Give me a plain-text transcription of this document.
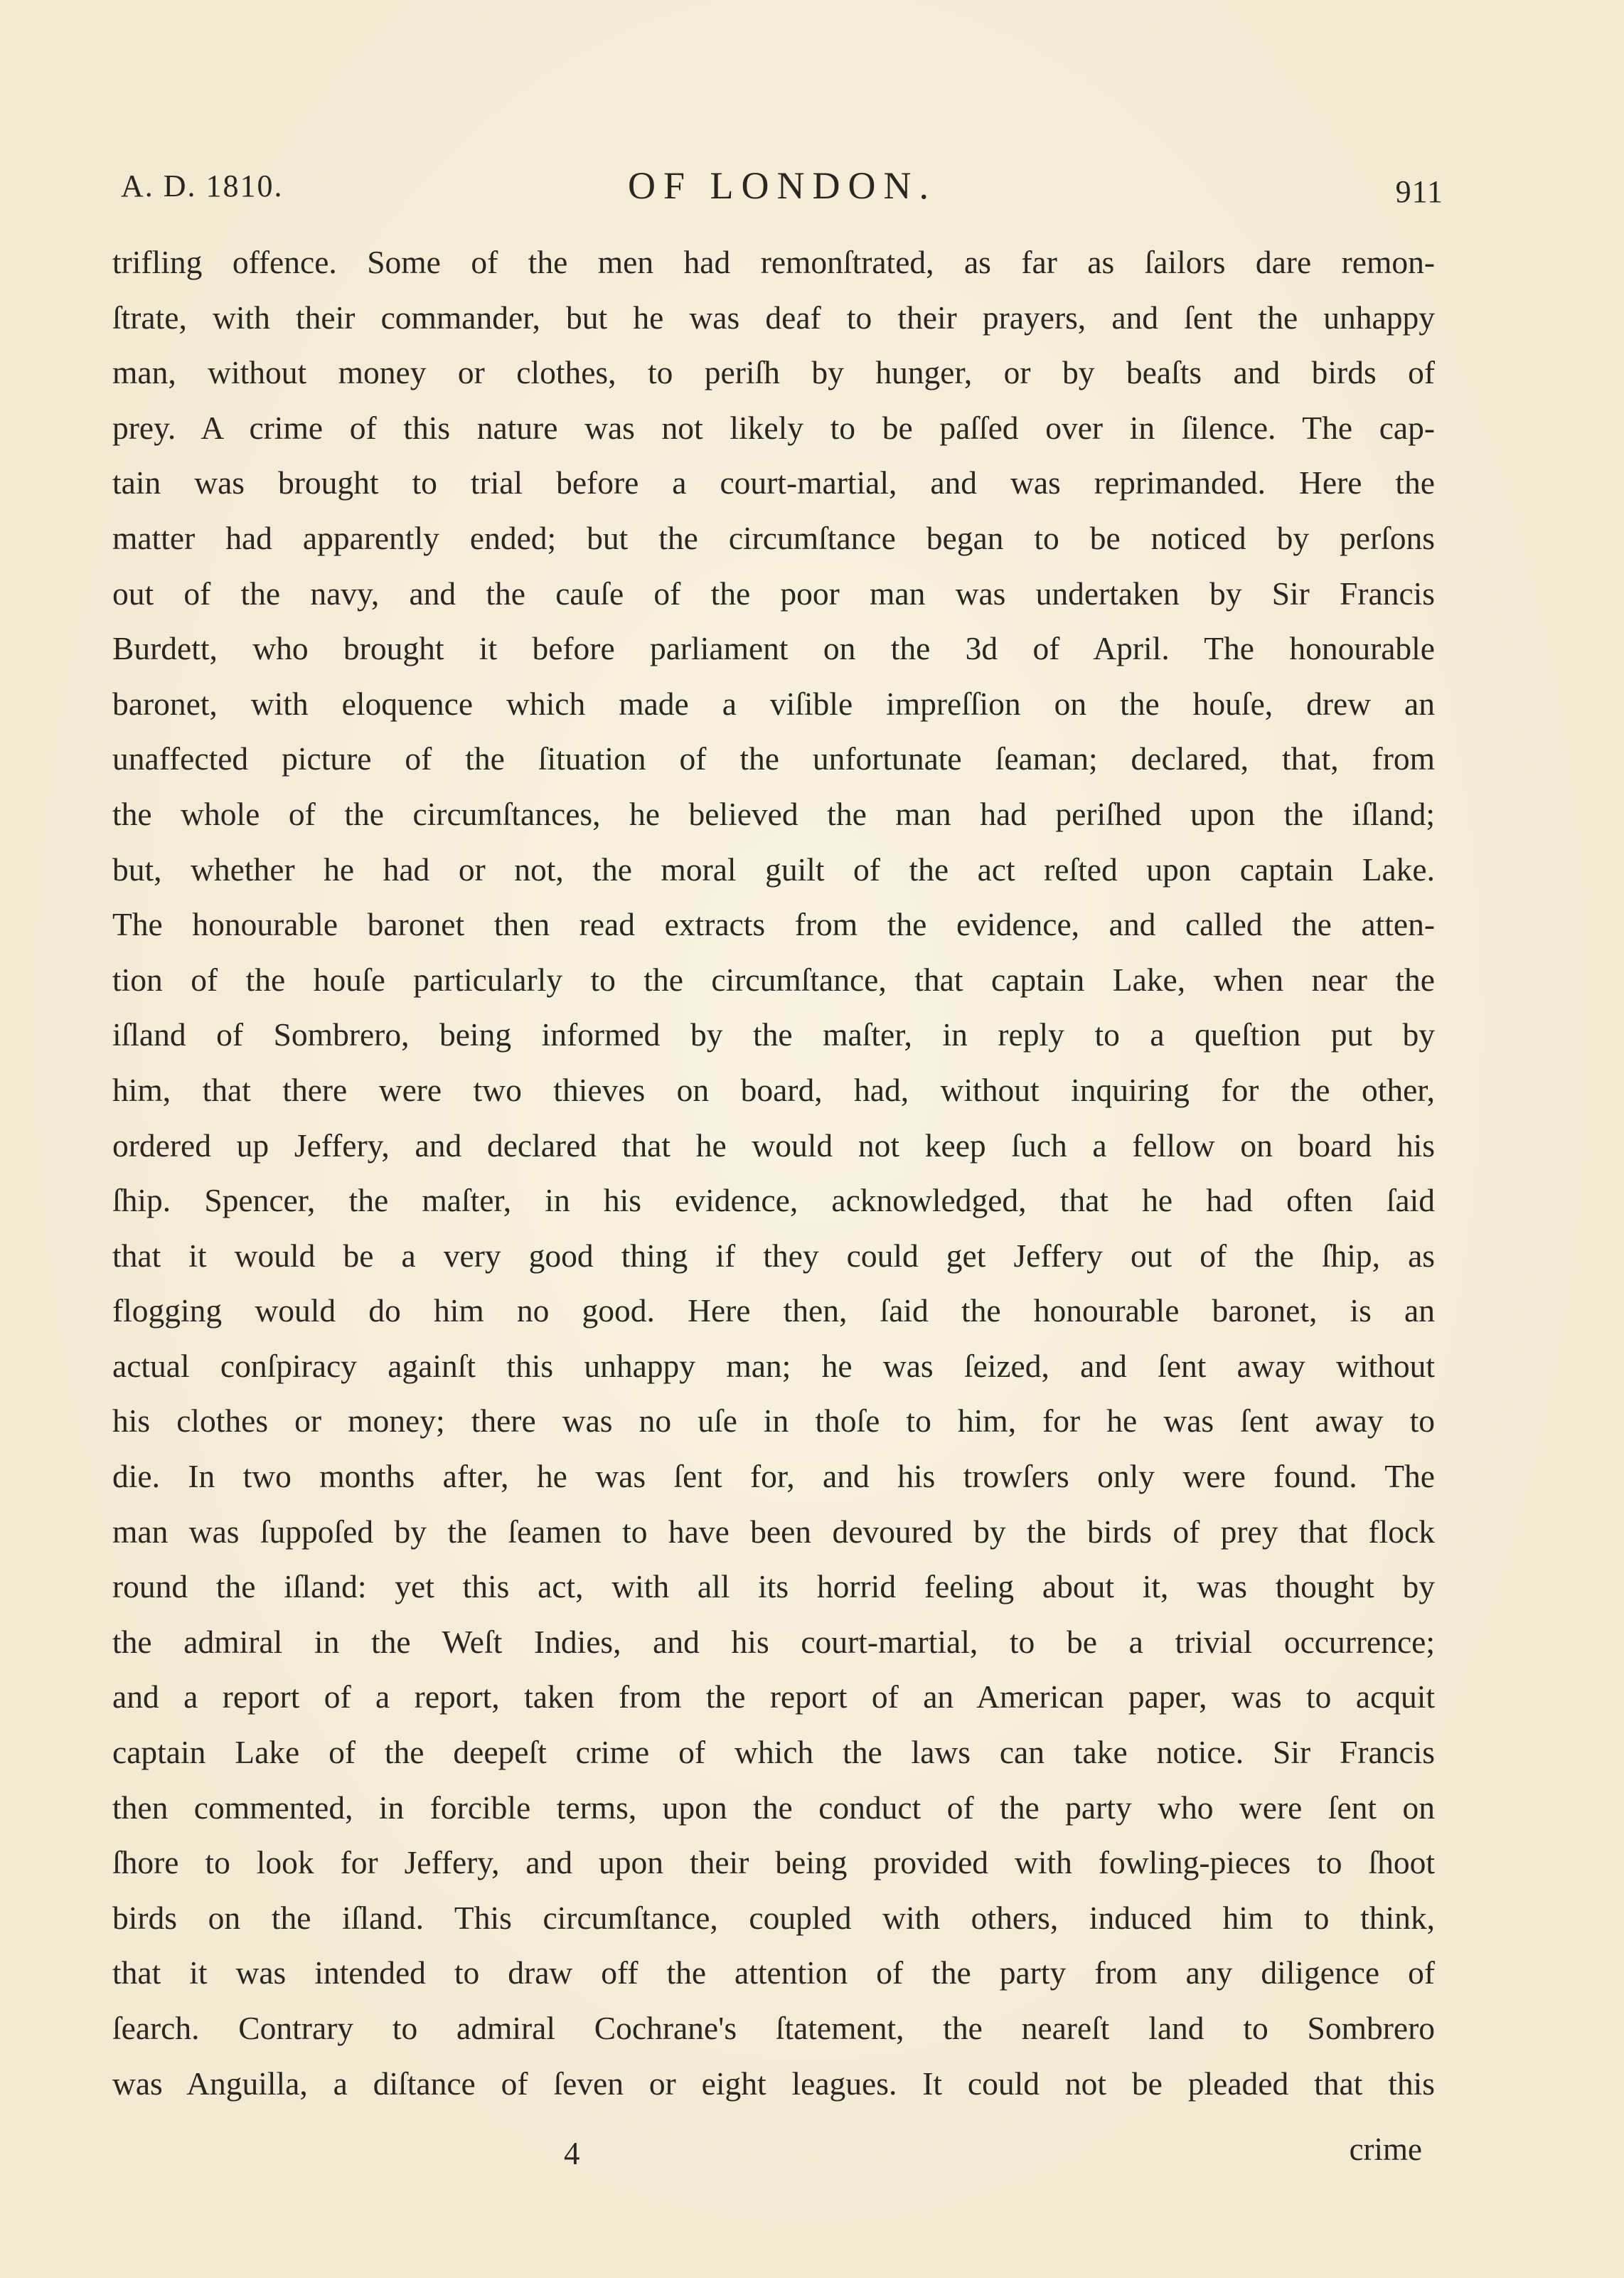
A. D. 1810.	OF LONDON.	911
trifling offence. Some of the men had remonſtrated, as far as ſailors dare remon-
ſtrate, with their commander, but he was deaf to their prayers, and ſent the unhappy
man, without money or clothes, to periſh by hunger, or by beaſts and birds of
prey. A crime of this nature was not likely to be paſſed over in ſilence. The cap-
tain was brought to trial before a court-martial, and was reprimanded. Here the
matter had apparently ended; but the circumſtance began to be noticed by perſons
out of the navy, and the cauſe of the poor man was undertaken by Sir Francis
Burdett, who brought it before parliament on the 3d of April. The honourable
baronet, with eloquence which made a viſible impreſſion on the houſe, drew an
unaffected picture of the ſituation of the unfortunate ſeaman; declared, that, from
the whole of the circumſtances, he believed the man had periſhed upon the iſland;
but, whether he had or not, the moral guilt of the act reſted upon captain Lake.
The honourable baronet then read extracts from the evidence, and called the atten-
tion of the houſe particularly to the circumſtance, that captain Lake, when near the
iſland of Sombrero, being informed by the maſter, in reply to a queſtion put by
him, that there were two thieves on board, had, without inquiring for the other,
ordered up Jeffery, and declared that he would not keep ſuch a fellow on board his
ſhip. Spencer, the maſter, in his evidence, acknowledged, that he had often ſaid
that it would be a very good thing if they could get Jeffery out of the ſhip, as
flogging would do him no good. Here then, ſaid the honourable baronet, is an
actual conſpiracy againſt this unhappy man; he was ſeized, and ſent away without
his clothes or money; there was no uſe in thoſe to him, for he was ſent away to
die. In two months after, he was ſent for, and his trowſers only were found. The
man was ſuppoſed by the ſeamen to have been devoured by the birds of prey that flock
round the iſland: yet this act, with all its horrid feeling about it, was thought by
the admiral in the Weſt Indies, and his court-martial, to be a trivial occurrence;
and a report of a report, taken from the report of an American paper, was to acquit
captain Lake of the deepeſt crime of which the laws can take notice. Sir Francis
then commented, in forcible terms, upon the conduct of the party who were ſent on
ſhore to look for Jeffery, and upon their being provided with fowling-pieces to ſhoot
birds on the iſland. This circumſtance, coupled with others, induced him to think,
that it was intended to draw off the attention of the party from any diligence of
ſearch. Contrary to admiral Cochrane's ſtatement, the neareſt land to Sombrero
was Anguilla, a diſtance of ſeven or eight leagues. It could not be pleaded that this
4	crime
